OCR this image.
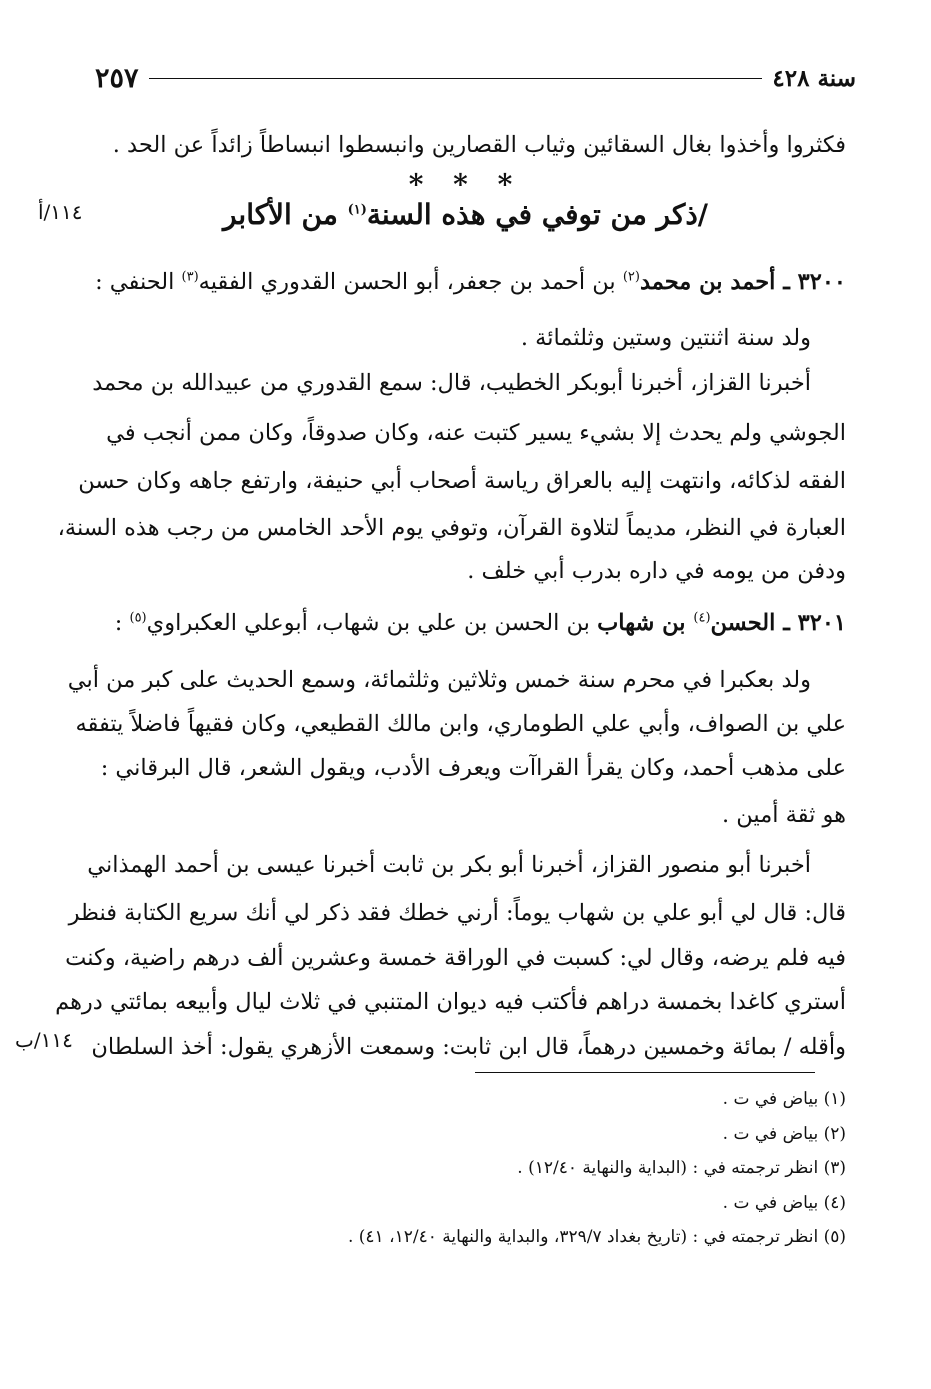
٢٥٧	سنة ٤٢٨
فكثروا وأخذوا بغال السقائين وثياب القصارين وانبسطوا انبساطاً زائداً عن الحد .
* * *
/ذكر من توفي في هذه السنة$^{(١)}$ من الأكابر
١١٤/أ
٣٢٠٠ ـ أحمد بن محمد$^{(٢)}$ بن أحمد بن جعفر، أبو الحسن القدوري الفقيه$^{(٣)}$ الحنفي :
ولد سنة اثنتين وستين وثلثمائة .
أخبرنا القزاز، أخبرنا أبوبكر الخطيب، قال: سمع القدوري من عبيدالله بن محمد
الجوشي ولم يحدث إلا بشيء يسير كتبت عنه، وكان صدوقاً، وكان ممن أنجب في
الفقه لذكائه، وانتهت إليه بالعراق رياسة أصحاب أبي حنيفة، وارتفع جاهه وكان حسن
العبارة في النظر، مديماً لتلاوة القرآن، وتوفي يوم الأحد الخامس من رجب هذه السنة،
ودفن من يومه في داره بدرب أبي خلف .
٣٢٠١ ـ الحسن$^{(٤)}$ بن شهاب بن الحسن بن علي بن شهاب، أبوعلي العكبراوي$^{(٥)}$ :
ولد بعكبرا في محرم سنة خمس وثلاثين وثلثمائة، وسمع الحديث على كبر من أبي
علي بن الصواف، وأبي علي الطوماري، وابن مالك القطيعي، وكان فقيهاً فاضلاً يتفقه
على مذهب أحمد، وكان يقرأ القراآت ويعرف الأدب، ويقول الشعر، قال البرقاني :
هو ثقة أمين .
أخبرنا أبو منصور القزاز، أخبرنا أبو بكر بن ثابت أخبرنا عيسى بن أحمد الهمذاني
قال: قال لي أبو علي بن شهاب يوماً: أرني خطك فقد ذكر لي أنك سريع الكتابة فنظر
فيه فلم يرضه، وقال لي: كسبت في الوراقة خمسة وعشرين ألف درهم راضية، وكنت
أستري كاغدا بخمسة دراهم فأكتب فيه ديوان المتنبي في ثلاث ليال وأبيعه بمائتي درهم
وأقله / بمائة وخمسين درهماً، قال ابن ثابت: وسمعت الأزهري يقول: أخذ السلطان
١١٤/ب
(١) بياض في ت .
(٢) بياض في ت .
(٣) انظر ترجمته في : (البداية والنهاية ١٢/٤٠) .
(٤) بياض في ت .
(٥) انظر ترجمته في : (تاريخ بغداد ٣٢٩/٧، والبداية والنهاية ١٢/٤٠، ٤١) .
